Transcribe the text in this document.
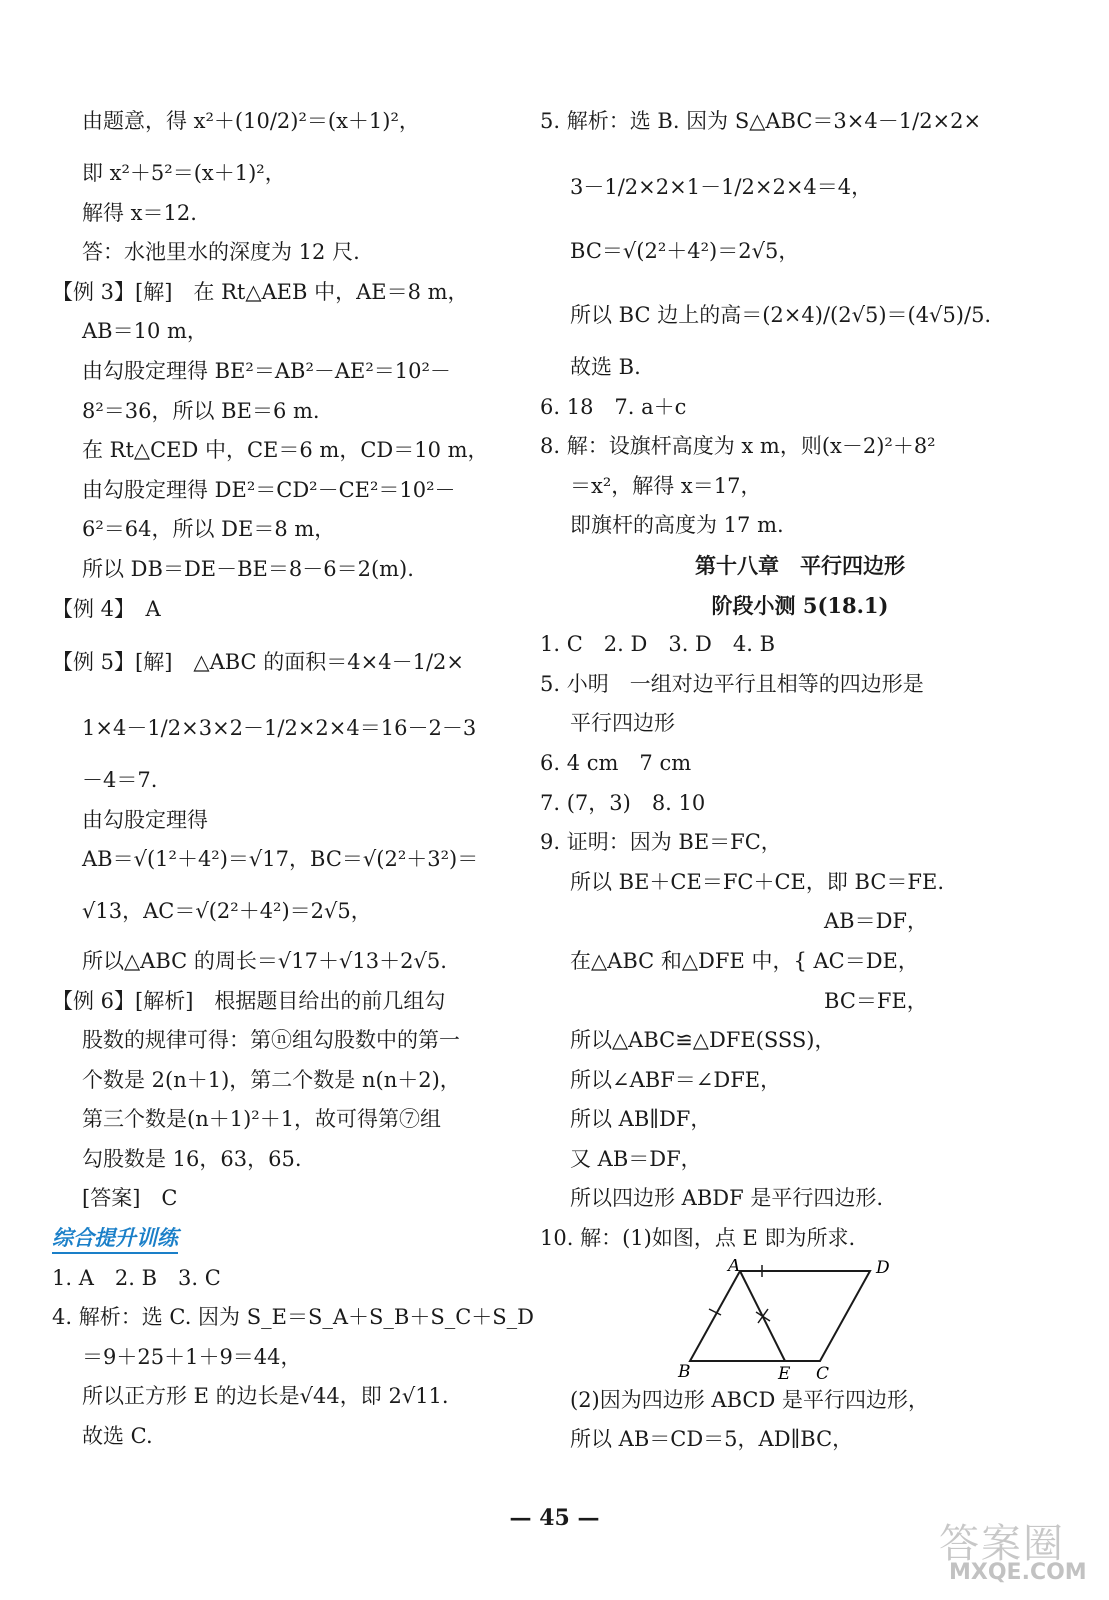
由题意，得 x²＋(10/2)²＝(x＋1)²，
即 x²＋5²＝(x＋1)²，
解得 x＝12.
答：水池里水的深度为 12 尺.
【例 3】[解]　在 Rt△AEB 中，AE＝8 m，
AB＝10 m，
由勾股定理得 BE²＝AB²－AE²＝10²－
8²＝36，所以 BE＝6 m.
在 Rt△CED 中，CE＝6 m，CD＝10 m，
由勾股定理得 DE²＝CD²－CE²＝10²－
6²＝64，所以 DE＝8 m，
所以 DB＝DE－BE＝8－6＝2(m).
【例 4】　A
【例 5】[解]　△ABC 的面积＝4×4－1/2×
1×4－1/2×3×2－1/2×2×4＝16－2－3
－4＝7.
由勾股定理得
AB＝√(1²＋4²)＝√17，BC＝√(2²＋3²)＝
√13，AC＝√(2²＋4²)＝2√5，
所以△ABC 的周长＝√17＋√13＋2√5.
【例 6】[解析]　根据题目给出的前几组勾
股数的规律可得：第ⓝ组勾股数中的第一
个数是 2(n＋1)，第二个数是 n(n＋2)，
第三个数是(n＋1)²＋1，故可得第⑦组
勾股数是 16，63，65.
[答案]　C
综合提升训练
1. A　2. B　3. C
4. 解析：选 C. 因为 S_E＝S_A＋S_B＋S_C＋S_D
＝9＋25＋1＋9＝44，
所以正方形 E 的边长是√44，即 2√11.
故选 C.
5. 解析：选 B. 因为 S△ABC＝3×4－1/2×2×
3－1/2×2×1－1/2×2×4＝4，
BC＝√(2²＋4²)＝2√5，
所以 BC 边上的高＝(2×4)/(2√5)＝(4√5)/5.
故选 B.
6. 18　7. a＋c
8. 解：设旗杆高度为 x m，则(x－2)²＋8²
＝x²，解得 x＝17，
即旗杆的高度为 17 m.
第十八章　平行四边形
阶段小测 5(18.1)
1. C　2. D　3. D　4. B
5. 小明　一组对边平行且相等的四边形是
平行四边形
6. 4 cm　7 cm
7. (7，3)　8. 10
9. 证明：因为 BE＝FC，
所以 BE＋CE＝FC＋CE，即 BC＝FE.
AB＝DF，
在△ABC 和△DFE 中，{ AC＝DE，
BC＝FE，
所以△ABC≌△DFE(SSS)，
所以∠ABF＝∠DFE，
所以 AB∥DF，
又 AB＝DF，
所以四边形 ABDF 是平行四边形.
10. 解：(1)如图，点 E 即为所求.
A	D
B	E C
(2)因为四边形 ABCD 是平行四边形，
所以 AB＝CD＝5，AD∥BC，
— 45 —
答案圈
MXQE.COM
